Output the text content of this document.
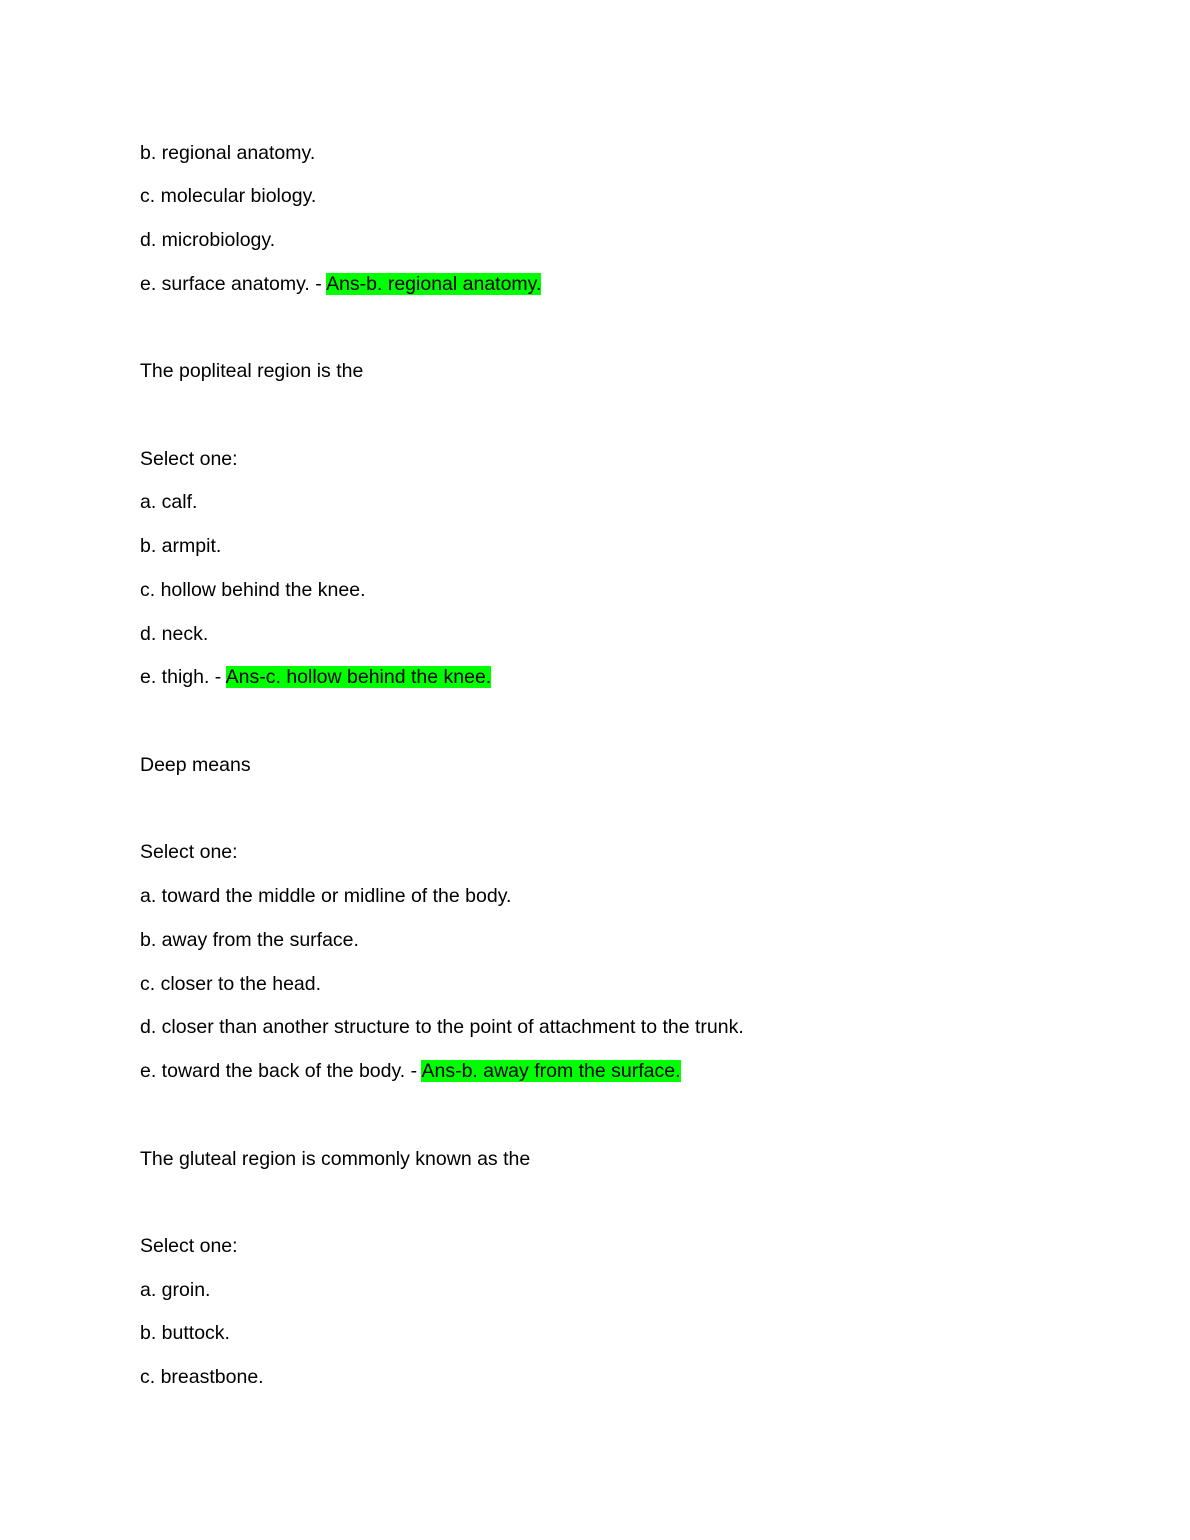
b. regional anatomy.
c. molecular biology.
d. microbiology.
e. surface anatomy. - Ans-b. regional anatomy.
The popliteal region is the
Select one:
a. calf.
b. armpit.
c. hollow behind the knee.
d. neck.
e. thigh. - Ans-c. hollow behind the knee.
Deep means
Select one:
a. toward the middle or midline of the body.
b. away from the surface.
c. closer to the head.
d. closer than another structure to the point of attachment to the trunk.
e. toward the back of the body. - Ans-b. away from the surface.
The gluteal region is commonly known as the
Select one:
a. groin.
b. buttock.
c. breastbone.
